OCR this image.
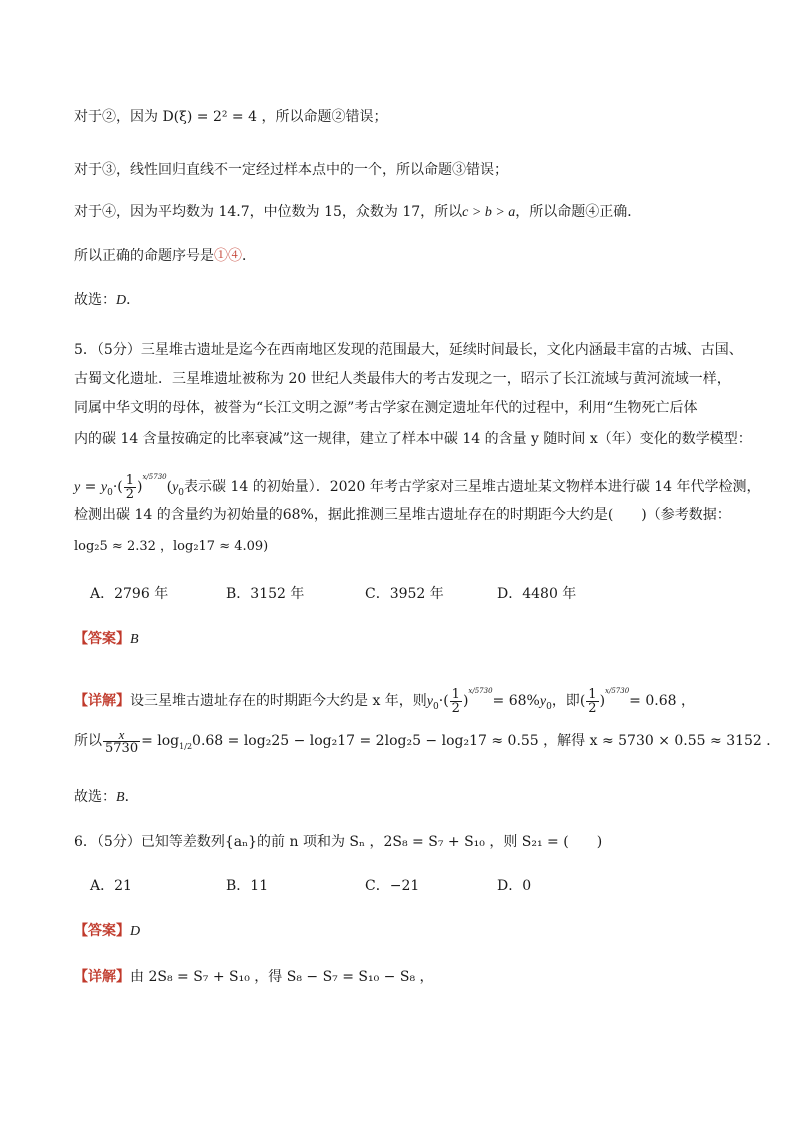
对于②，因为 D(ξ) = 2² = 4 ，所以命题②错误；
对于③，线性回归直线不一定经过样本点中的一个，所以命题③错误；
对于④，因为平均数为 14.7，中位数为 15，众数为 17，所以c > b > a，所以命题④正确．
所以正确的命题序号是①④．
故选：D．
5．（5分）三星堆古遗址是迄今在西南地区发现的范围最大，延续时间最长，文化内涵最丰富的古城、古国、
古蜀文化遗址．三星堆遗址被称为 20 世纪人类最伟大的考古发现之一，昭示了长江流域与黄河流域一样，
同属中华文明的母体，被誉为“长江文明之源”考古学家在测定遗址年代的过程中，利用“生物死亡后体
内的碳 14 含量按确定的比率衰减”这一规律，建立了样本中碳 14 的含量 y 随时间 x（年）变化的数学模型：
$y = y_0\cdot( \frac{1}{2} )^{x/5730}(y_0$表示碳 14 的初始量）．2020 年考古学家对三星堆古遗址某文物样本进行碳 14 年代学检测，
检测出碳 14 的含量约为初始量的68%，据此推测三星堆古遗址存在的时期距今大约是(　　)（参考数据：
log₂5 ≈ 2.32 ，log₂17 ≈ 4.09)
A．2796 年	B．3152 年	C．3952 年	D．4480 年
【答案】B
【详解】设三星堆古遗址存在的时期距今大约是 x 年，则$y_0\cdot( \frac{1}{2} )^{x/5730}= 68\%y_0$，即( $\frac{1}{2} )^{x/5730}= 0.68$ ，
所以 $\frac{x}{5730} = \log_{1/2}0.68 = \log_225 - \log_217 = 2\log_25 - \log_217 \approx 0.55$ ，解得 x ≈ 5730 × 0.55 ≈ 3152 ．
故选：B．
6．（5分）已知等差数列{aₙ}的前 n 项和为 Sₙ ，2S₈ = S₇ + S₁₀ ，则 S₂₁ = (　　)
A．21	B．11	C．−21	D．0
【答案】D
【详解】由 2S₈ = S₇ + S₁₀ ，得 S₈ − S₇ = S₁₀ − S₈ ，
